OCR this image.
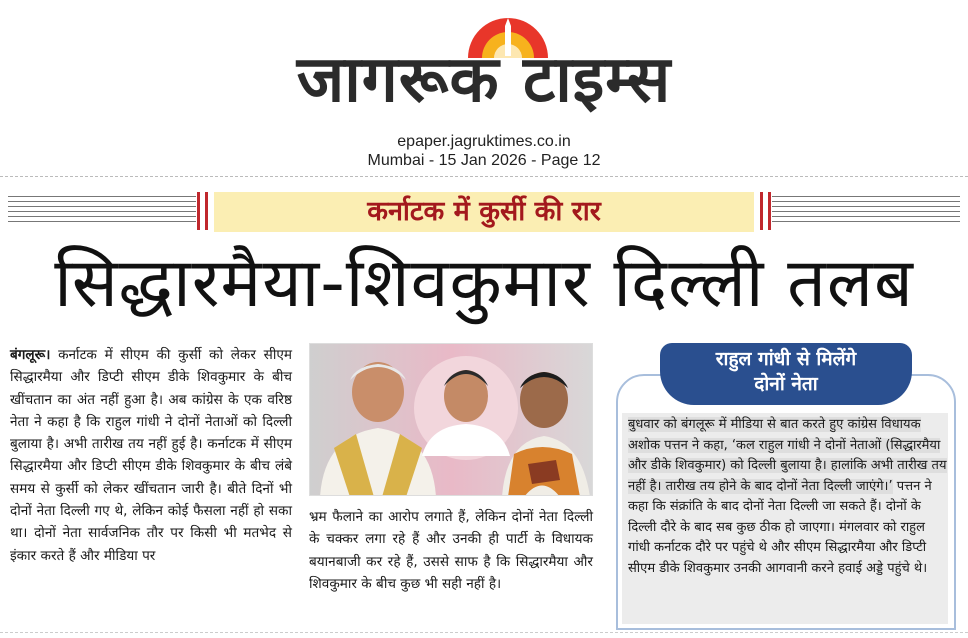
जागरूक टाइम्स
epaper.jagruktimes.co.in
Mumbai - 15 Jan 2026 - Page 12
कर्नाटक में कुर्सी की रार
सिद्धारमैया-शिवकुमार दिल्ली तलब
बंगलूरू। कर्नाटक में सीएम की कुर्सी को लेकर सीएम सिद्धारमैया और डिप्टी सीएम डीके शिवकुमार के बीच खींचतान का अंत नहीं हुआ है। अब कांग्रेस के एक वरिष्ठ नेता ने कहा है कि राहुल गांधी ने दोनों नेताओं को दिल्ली बुलाया है। अभी तारीख तय नहीं हुई है। कर्नाटक में सीएम सिद्धारमैया और डिप्टी सीएम डीके शिवकुमार के बीच लंबे समय से कुर्सी को लेकर खींचतान जारी है। बीते दिनों भी दोनों नेता दिल्ली गए थे, लेकिन कोई फैसला नहीं हो सका था। दोनों नेता सार्वजनिक तौर पर किसी भी मतभेद से इंकार करते हैं और मीडिया पर
भ्रम फैलाने का आरोप लगाते हैं, लेकिन दोनों नेता दिल्ली के चक्कर लगा रहे हैं और उनकी ही पार्टी के विधायक बयानबाजी कर रहे हैं, उससे साफ है कि सिद्धारमैया और शिवकुमार के बीच कुछ भी सही नहीं है।
राहुल गांधी से मिलेंगे
दोनों नेता
बुधवार को बंगलूरू में मीडिया से बात करते हुए कांग्रेस विधायक अशोक पत्तन ने कहा, ‘कल राहुल गांधी ने दोनों नेताओं (सिद्धारमैया और डीके शिवकुमार) को दिल्ली बुलाया है। हालांकि अभी तारीख तय नहीं है। तारीख तय होने के बाद दोनों नेता दिल्ली जाएंगे।’ पत्तन ने कहा कि संक्रांति के बाद दोनों नेता दिल्ली जा सकते हैं। दोनों के दिल्ली दौरे के बाद सब कुछ ठीक हो जाएगा। मंगलवार को राहुल गांधी कर्नाटक दौरे पर पहुंचे थे और सीएम सिद्धारमैया और डिप्टी सीएम डीके शिवकुमार उनकी आगवानी करने हवाई अड्डे पहुंचे थे।
